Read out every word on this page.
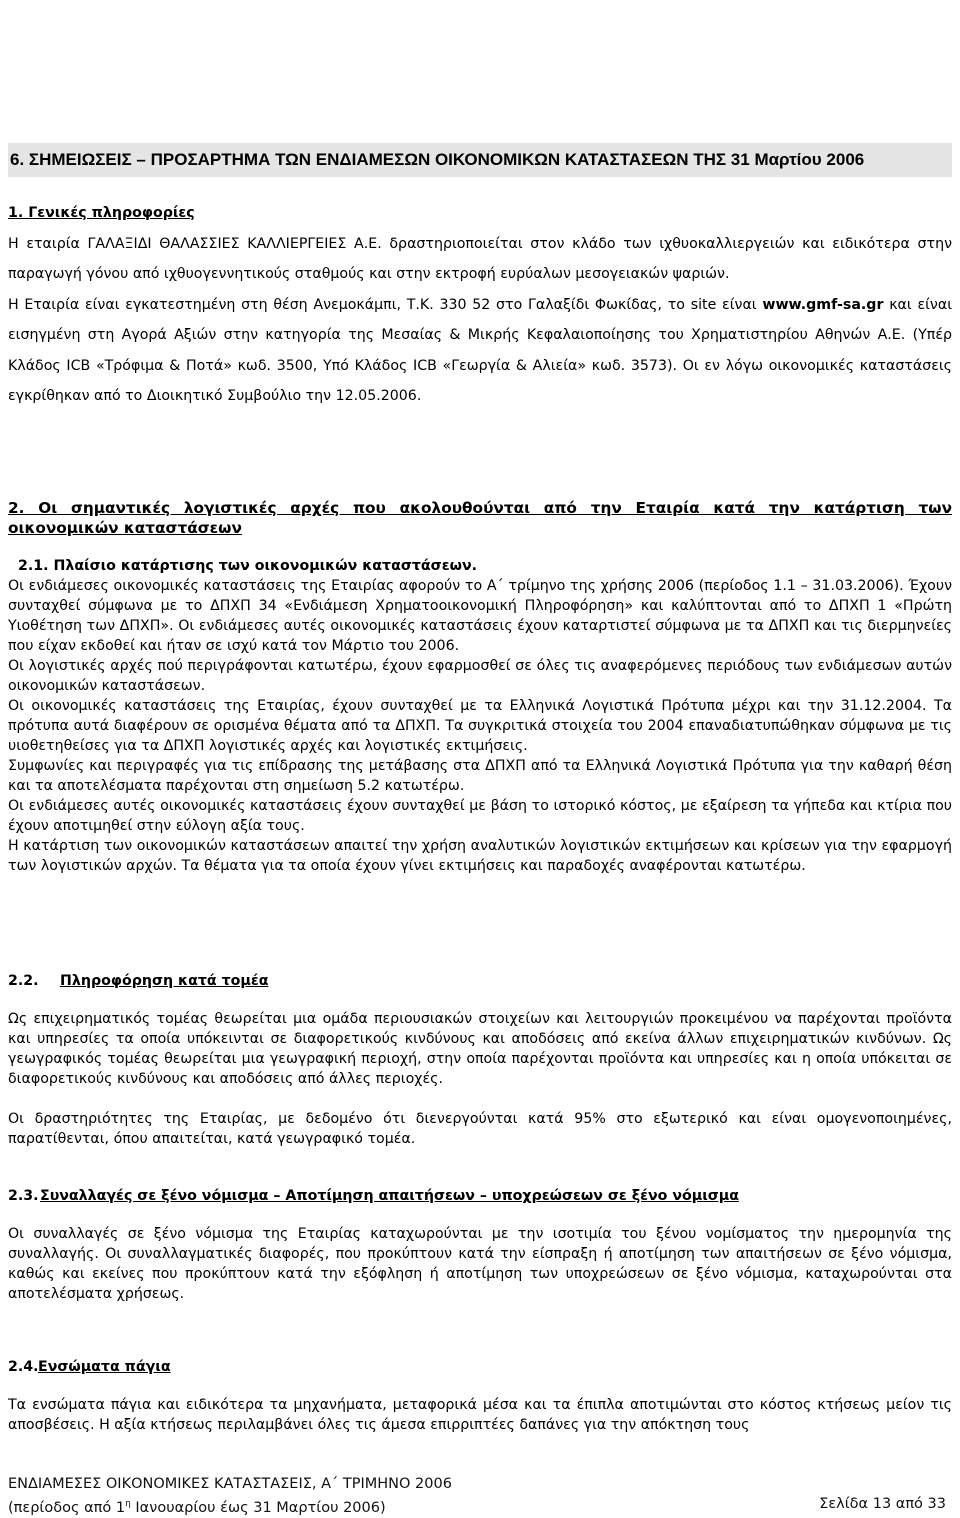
ΓΑΛΑΞΙΔΙ ΘΑΛΑΣΣΙΕΣ ΚΑΛΛΙΕΡΓΕΙΕΣ Α.Ε.
ΑΡ.Μ.Α.Ε.: 15925/06/Β/87/12
ΕΔΡΑ: ΘΕΣΗ ΑΝΕΜΟΚΑΜΠΙ, Τ.Κ. 330 52 ΓΑΛΑΞΙΔΙ ΦΩΚΙΔΑΣ
Α.Φ.Μ.: 094212973, Δ.Ο.Υ.: ΑΜΦΙΣΣΑΣ
Τηλ.: 22650 41840, Fax: 22650 41197
6. ΣΗΜΕΙΩΣΕΙΣ – ΠΡΟΣΑΡΤΗΜΑ ΤΩΝ ΕΝΔΙΑΜΕΣΩΝ ΟΙΚΟΝΟΜΙΚΩΝ ΚΑΤΑΣΤΑΣΕΩΝ ΤΗΣ 31 Μαρτίου 2006
1. Γενικές πληροφορίες
Η εταιρία ΓΑΛΑΞΙΔΙ ΘΑΛΑΣΣΙΕΣ ΚΑΛΛΙΕΡΓΕΙΕΣ Α.Ε. δραστηριοποιείται στον κλάδο των ιχθυοκαλλιεργειών και ειδικότερα στην παραγωγή γόνου από ιχθυογεννητικούς σταθμούς και στην εκτροφή ευρύαλων μεσογειακών ψαριών.
Η Εταιρία είναι εγκατεστημένη στη θέση Ανεμοκάμπι, Τ.Κ. 330 52 στο Γαλαξίδι Φωκίδας, το site είναι www.gmf-sa.gr και είναι εισηγμένη στη Αγορά Αξιών στην κατηγορία της Μεσαίας & Μικρής Κεφαλαιοποίησης του Χρηματιστηρίου Αθηνών Α.Ε. (Υπέρ Κλάδος ICB «Τρόφιμα & Ποτά» κωδ. 3500, Υπό Κλάδος ICB «Γεωργία & Αλιεία» κωδ. 3573). Οι εν λόγω οικονομικές καταστάσεις εγκρίθηκαν από το Διοικητικό Συμβούλιο την 12.05.2006.
2. Οι σημαντικές λογιστικές αρχές που ακολουθούνται από την Εταιρία κατά την κατάρτιση των οικονομικών καταστάσεων
2.1. Πλαίσιο κατάρτισης των οικονομικών καταστάσεων.
Οι ενδιάμεσες οικονομικές καταστάσεις της Εταιρίας αφορούν το Α΄ τρίμηνο της χρήσης 2006 (περίοδος 1.1 – 31.03.2006). Έχουν συνταχθεί σύμφωνα με το ΔΠΧΠ 34 «Ενδιάμεση Χρηματοοικονομική Πληροφόρηση» και καλύπτονται από το ΔΠΧΠ 1 «Πρώτη Υιοθέτηση των ΔΠΧΠ». Οι ενδιάμεσες αυτές οικονομικές καταστάσεις έχουν καταρτιστεί σύμφωνα με τα ΔΠΧΠ και τις διερμηνείες που είχαν εκδοθεί και ήταν σε ισχύ κατά τον Μάρτιο του 2006.
Οι λογιστικές αρχές πού περιγράφονται κατωτέρω, έχουν εφαρμοσθεί σε όλες τις αναφερόμενες περιόδους των ενδιάμεσων αυτών οικονομικών καταστάσεων.
Οι οικονομικές καταστάσεις της Εταιρίας, έχουν συνταχθεί με τα Ελληνικά Λογιστικά Πρότυπα μέχρι και την 31.12.2004. Τα πρότυπα αυτά διαφέρουν σε ορισμένα θέματα από τα ΔΠΧΠ. Τα συγκριτικά στοιχεία του 2004 επαναδιατυπώθηκαν σύμφωνα με τις υιοθετηθείσες για τα ΔΠΧΠ λογιστικές αρχές και λογιστικές εκτιμήσεις.
Συμφωνίες και περιγραφές για τις επίδρασης της μετάβασης στα ΔΠΧΠ από τα Ελληνικά Λογιστικά Πρότυπα για την καθαρή θέση και τα αποτελέσματα παρέχονται στη σημείωση 5.2 κατωτέρω.
Οι ενδιάμεσες αυτές οικονομικές καταστάσεις έχουν συνταχθεί με βάση το ιστορικό κόστος, με εξαίρεση τα γήπεδα και κτίρια που έχουν αποτιμηθεί στην εύλογη αξία τους.
Η κατάρτιση των οικονομικών καταστάσεων απαιτεί την χρήση αναλυτικών λογιστικών εκτιμήσεων και κρίσεων για την εφαρμογή των λογιστικών αρχών. Τα θέματα για τα οποία έχουν γίνει εκτιμήσεις και παραδοχές αναφέρονται κατωτέρω.
2.2. Πληροφόρηση κατά τομέα
Ως επιχειρηματικός τομέας θεωρείται μια ομάδα περιουσιακών στοιχείων και λειτουργιών προκειμένου να παρέχονται προϊόντα και υπηρεσίες τα οποία υπόκεινται σε διαφορετικούς κινδύνους και αποδόσεις από εκείνα άλλων επιχειρηματικών κινδύνων. Ως γεωγραφικός τομέας θεωρείται μια γεωγραφική περιοχή, στην οποία παρέχονται προϊόντα και υπηρεσίες και η οποία υπόκειται σε διαφορετικούς κινδύνους και αποδόσεις από άλλες περιοχές.
Οι δραστηριότητες της Εταιρίας, με δεδομένο ότι διενεργούνται κατά 95% στο εξωτερικό και είναι ομογενοποιημένες, παρατίθενται, όπου απαιτείται, κατά γεωγραφικό τομέα.
2.3.Συναλλαγές σε ξένο νόμισμα – Αποτίμηση απαιτήσεων – υποχρεώσεων σε ξένο νόμισμα
Οι συναλλαγές σε ξένο νόμισμα της Εταιρίας καταχωρούνται με την ισοτιμία του ξένου νομίσματος την ημερομηνία της συναλλαγής. Οι συναλλαγματικές διαφορές, που προκύπτουν κατά την είσπραξη ή αποτίμηση των απαιτήσεων σε ξένο νόμισμα, καθώς και εκείνες που προκύπτουν κατά την εξόφληση ή αποτίμηση των υποχρεώσεων σε ξένο νόμισμα, καταχωρούνται στα αποτελέσματα χρήσεως.
2.4.Ενσώματα πάγια
Τα ενσώματα πάγια και ειδικότερα τα μηχανήματα, μεταφορικά μέσα και τα έπιπλα αποτιμώνται στο κόστος κτήσεως μείον τις αποσβέσεις. Η αξία κτήσεως περιλαμβάνει όλες τις άμεσα επιρριπτέες δαπάνες για την απόκτηση τους
ΕΝΔΙΑΜΕΣΕΣ ΟΙΚΟΝΟΜΙΚΕΣ ΚΑΤΑΣΤΑΣΕΙΣ, Α΄ ΤΡΙΜΗΝΟ 2006
(περίοδος από $1^\eta$ Ιανουαρίου έως 31 Μαρτίου 2006)	Σελίδα 13 από 33
